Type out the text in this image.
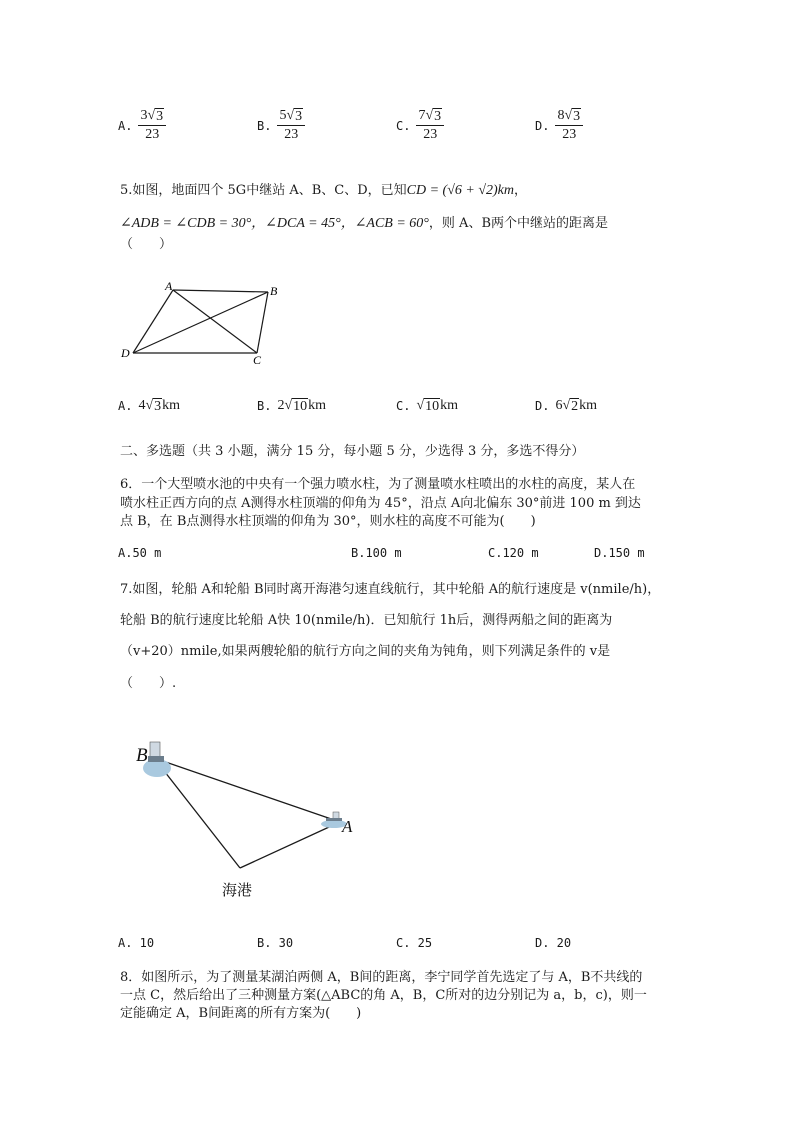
A. $\frac{3 √ 3}{23}$	B. $\frac{5 √ 3}{23}$	C. $\frac{7 √ 3}{23}$	D. $\frac{8 √ 3}{23}$
5.如图，地面四个 5G中继站 A、B、C、D，已知CD = (√6 + √2)km，
∠ADB = ∠CDB = 30°，∠DCA = 45°，∠ACB = 60°，则 A、B两个中继站的距离是
（　　）
A	B
C
D
A. 4 √ 3 km	B. 2 √ 10 km	C. √ 10 km	D. 6 √ 2 km
二、多选题（共 3 小题，满分 15 分，每小题 5 分，少选得 3 分，多选不得分）
6．一个大型喷水池的中央有一个强力喷水柱，为了测量喷水柱喷出的水柱的高度，某人在
喷水柱正西方向的点 A测得水柱顶端的仰角为 45°，沿点 A向北偏东 30°前进 100 m 到达
点 B，在 B点测得水柱顶端的仰角为 30°，则水柱的高度不可能为(　　)
A.50 m	B.100 m	C.120 m	D.150 m
7.如图，轮船 A和轮船 B同时离开海港匀速直线航行，其中轮船 A的航行速度是 v(nmile/h)，
轮船 B的航行速度比轮船 A快 10(nmile/h)．已知航行 1h后，测得两船之间的距离为
（v+20）nmile,如果两艘轮船的航行方向之间的夹角为钝角，则下列满足条件的 v是
（　　）.
B
A
海港
A. 10	B. 30	C. 25	D. 20
8．如图所示，为了测量某湖泊两侧 A，B间的距离，李宁同学首先选定了与 A，B不共线的
一点 C，然后给出了三种测量方案(△ABC的角 A，B，C所对的边分别记为 a，b，c)，则一
定能确定 A，B间距离的所有方案为(　　)
